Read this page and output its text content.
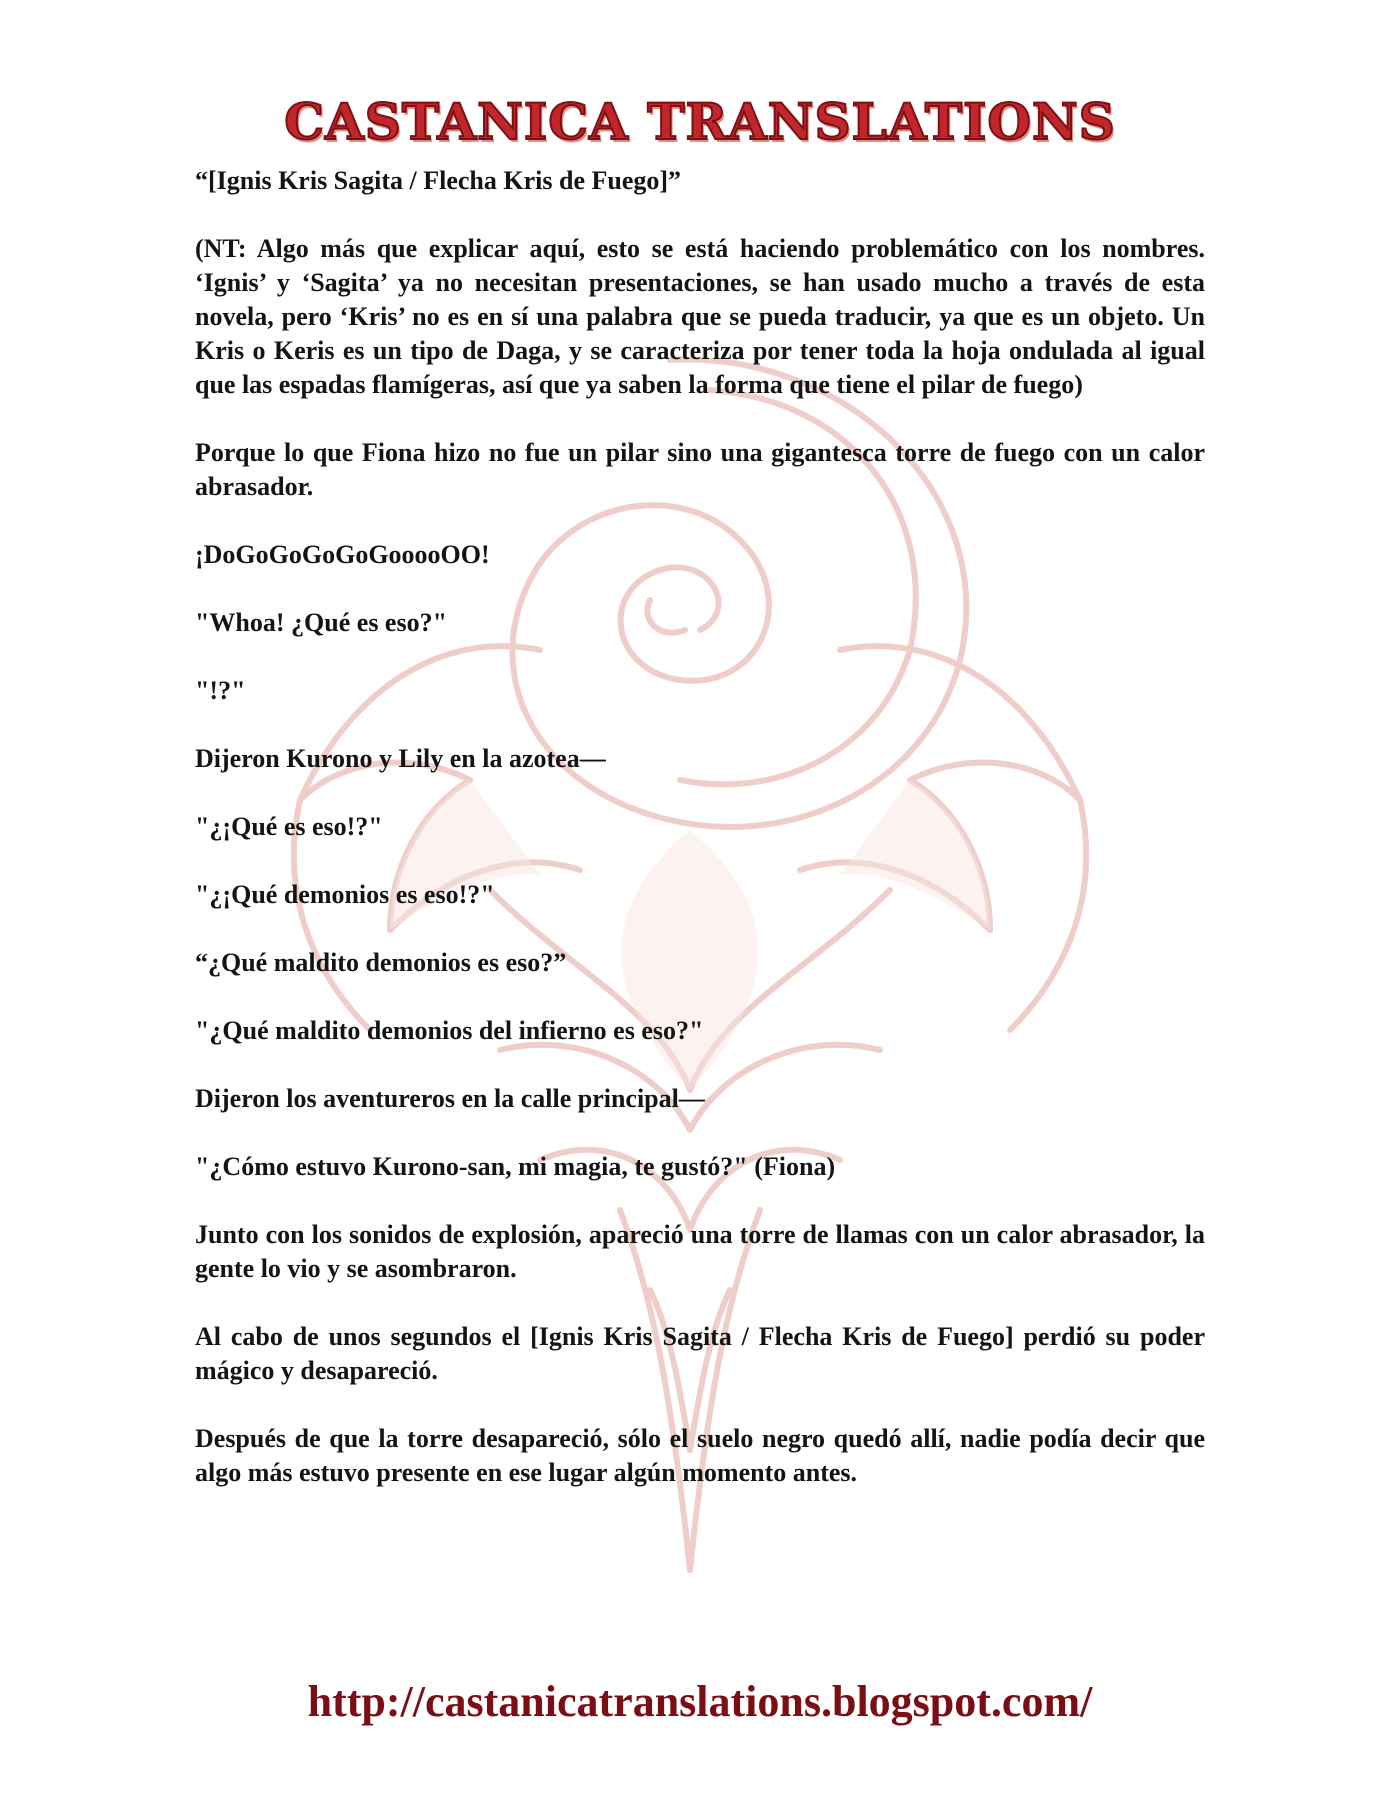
CASTANICA TRANSLATIONS

“[Ignis Kris Sagita / Flecha Kris de Fuego]”

(NT: Algo más que explicar aquí, esto se está haciendo problemático con los nombres. ‘Ignis’ y ‘Sagita’ ya no necesitan presentaciones, se han usado mucho a través de esta novela, pero ‘Kris’ no es en sí una palabra que se pueda traducir, ya que es un objeto. Un Kris o Keris es un tipo de Daga, y se caracteriza por tener toda la hoja ondulada al igual que las espadas flamígeras, así que ya saben la forma que tiene el pilar de fuego)

Porque lo que Fiona hizo no fue un pilar sino una gigantesca torre de fuego con un calor abrasador.

¡DoGoGoGoGoGooooOO!

"Whoa! ¿Qué es eso?"

"!?"

Dijeron Kurono y Lily en la azotea—

"¿¡Qué es eso!?"

"¿¡Qué demonios es eso!?"

“¿Qué maldito demonios es eso?”

"¿Qué maldito demonios del infierno es eso?"

Dijeron los aventureros en la calle principal—

"¿Cómo estuvo Kurono-san, mi magia, te gustó?" (Fiona)

Junto con los sonidos de explosión, apareció una torre de llamas con un calor abrasador, la gente lo vio y se asombraron.

Al cabo de unos segundos el [Ignis Kris Sagita / Flecha Kris de Fuego] perdió su poder mágico y desapareció.

Después de que la torre desapareció, sólo el suelo negro quedó allí, nadie podía decir que algo más estuvo presente en ese lugar algún momento antes.

http://castanicatranslations.blogspot.com/
